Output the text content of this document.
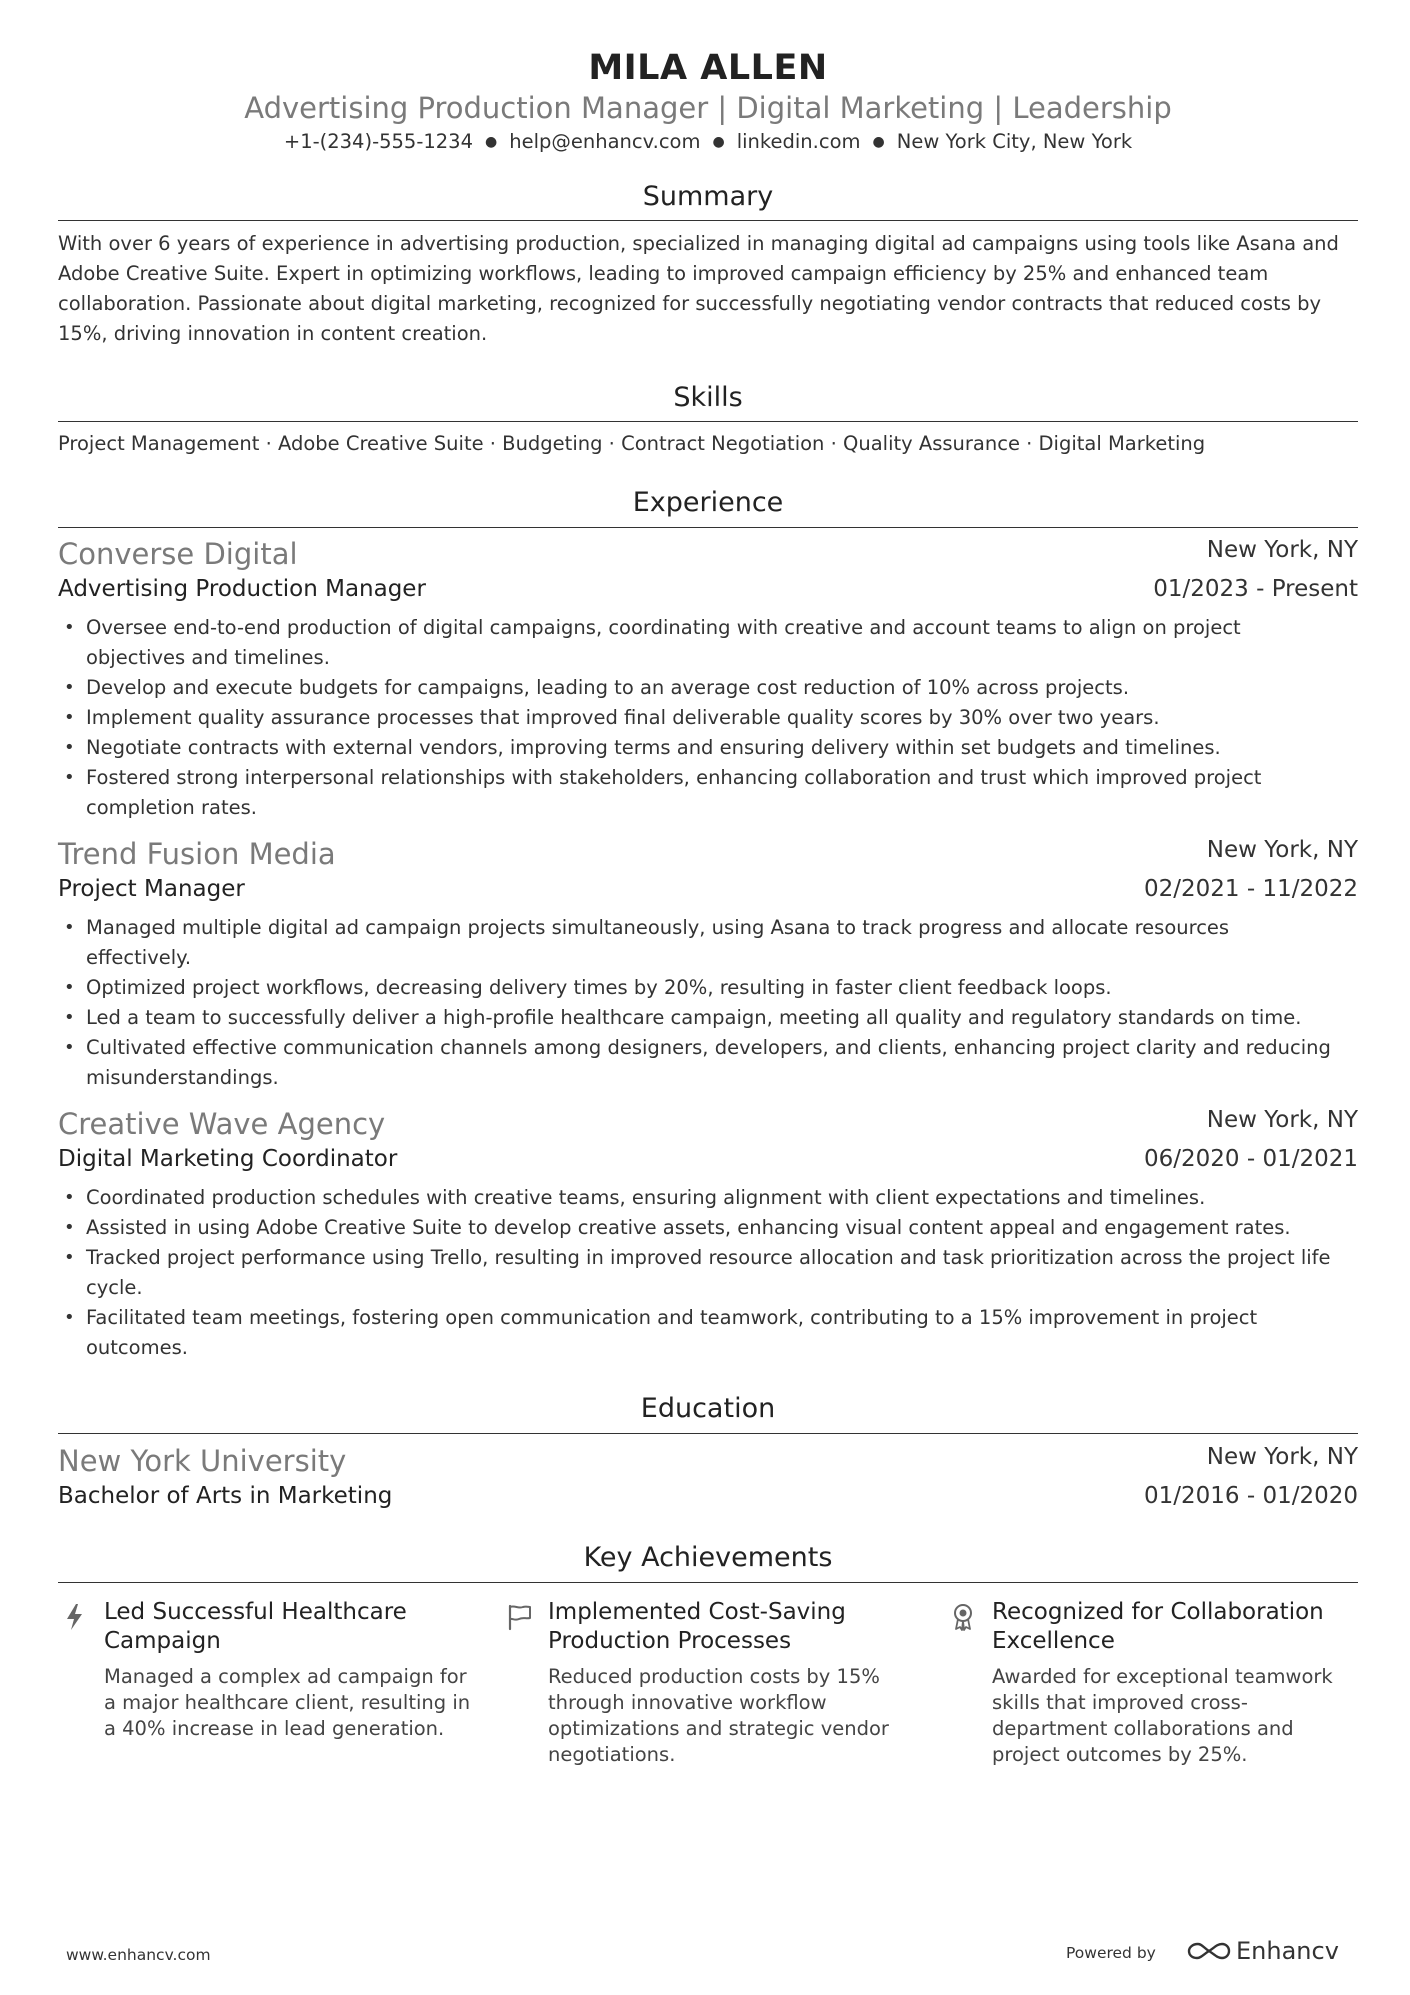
MILA ALLEN
Advertising Production Manager | Digital Marketing | Leadership
+1-(234)-555-1234 ● help@enhancv.com ● linkedin.com ● New York City, New York
Summary
With over 6 years of experience in advertising production, specialized in managing digital ad campaigns using tools like Asana and
Adobe Creative Suite. Expert in optimizing workflows, leading to improved campaign efficiency by 25% and enhanced team
collaboration. Passionate about digital marketing, recognized for successfully negotiating vendor contracts that reduced costs by
15%, driving innovation in content creation.
Skills
Project Management · Adobe Creative Suite · Budgeting · Contract Negotiation · Quality Assurance · Digital Marketing
Experience
Converse Digital	New York, NY
Advertising Production Manager	01/2023 - Present
• Oversee end-to-end production of digital campaigns, coordinating with creative and account teams to align on project
objectives and timelines.
• Develop and execute budgets for campaigns, leading to an average cost reduction of 10% across projects.
• Implement quality assurance processes that improved final deliverable quality scores by 30% over two years.
• Negotiate contracts with external vendors, improving terms and ensuring delivery within set budgets and timelines.
• Fostered strong interpersonal relationships with stakeholders, enhancing collaboration and trust which improved project
completion rates.
Trend Fusion Media	New York, NY
Project Manager	02/2021 - 11/2022
• Managed multiple digital ad campaign projects simultaneously, using Asana to track progress and allocate resources
effectively.
• Optimized project workflows, decreasing delivery times by 20%, resulting in faster client feedback loops.
• Led a team to successfully deliver a high-profile healthcare campaign, meeting all quality and regulatory standards on time.
• Cultivated effective communication channels among designers, developers, and clients, enhancing project clarity and reducing
misunderstandings.
Creative Wave Agency	New York, NY
Digital Marketing Coordinator	06/2020 - 01/2021
• Coordinated production schedules with creative teams, ensuring alignment with client expectations and timelines.
• Assisted in using Adobe Creative Suite to develop creative assets, enhancing visual content appeal and engagement rates.
• Tracked project performance using Trello, resulting in improved resource allocation and task prioritization across the project life
cycle.
• Facilitated team meetings, fostering open communication and teamwork, contributing to a 15% improvement in project
outcomes.
Education
New York University	New York, NY
Bachelor of Arts in Marketing	01/2016 - 01/2020
Key Achievements
Led Successful Healthcare
Campaign
Managed a complex ad campaign for
a major healthcare client, resulting in
a 40% increase in lead generation.
Implemented Cost-Saving
Production Processes
Reduced production costs by 15%
through innovative workflow
optimizations and strategic vendor
negotiations.
Recognized for Collaboration
Excellence
Awarded for exceptional teamwork
skills that improved cross-
department collaborations and
project outcomes by 25%.
www.enhancv.com	Powered by	Enhancv
